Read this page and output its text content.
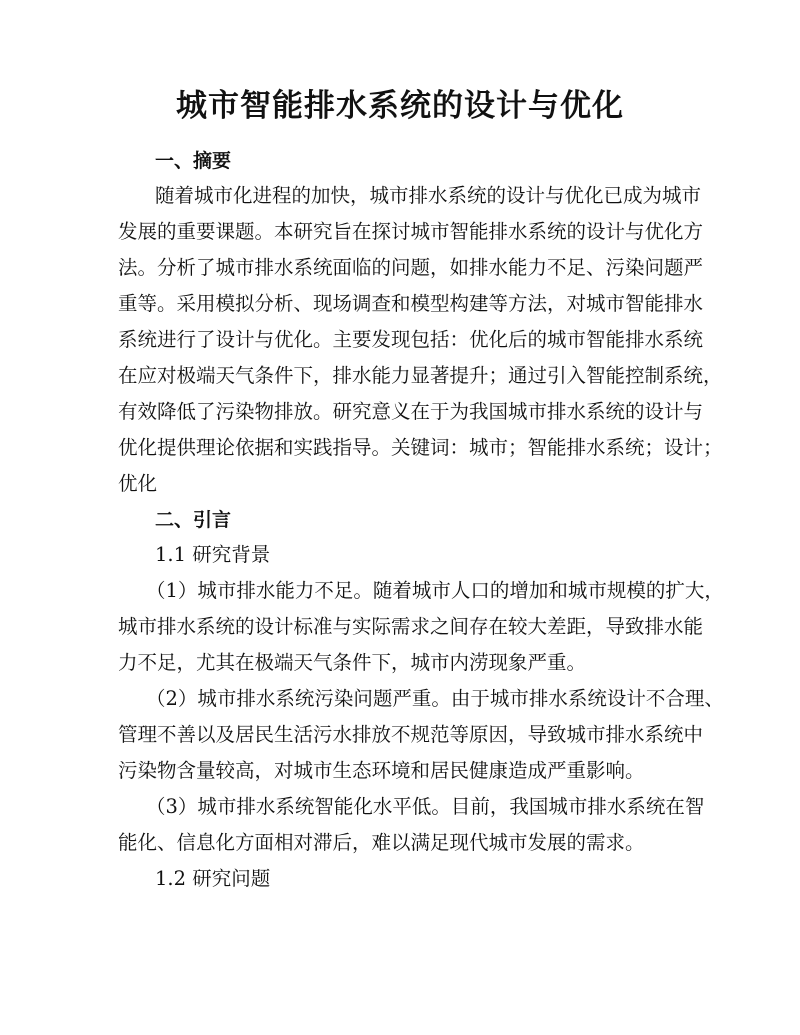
城市智能排水系统的设计与优化
一、摘要
随着城市化进程的加快，城市排水系统的设计与优化已成为城市
发展的重要课题。本研究旨在探讨城市智能排水系统的设计与优化方
法。分析了城市排水系统面临的问题，如排水能力不足、污染问题严
重等。采用模拟分析、现场调查和模型构建等方法，对城市智能排水
系统进行了设计与优化。主要发现包括：优化后的城市智能排水系统
在应对极端天气条件下，排水能力显著提升；通过引入智能控制系统，
有效降低了污染物排放。研究意义在于为我国城市排水系统的设计与
优化提供理论依据和实践指导。关键词：城市；智能排水系统；设计；
优化
二、引言
1.1 研究背景
（1）城市排水能力不足。随着城市人口的增加和城市规模的扩大，
城市排水系统的设计标准与实际需求之间存在较大差距，导致排水能
力不足，尤其在极端天气条件下，城市内涝现象严重。
（2）城市排水系统污染问题严重。由于城市排水系统设计不合理、
管理不善以及居民生活污水排放不规范等原因，导致城市排水系统中
污染物含量较高，对城市生态环境和居民健康造成严重影响。
（3）城市排水系统智能化水平低。目前，我国城市排水系统在智
能化、信息化方面相对滞后，难以满足现代城市发展的需求。
1.2 研究问题
